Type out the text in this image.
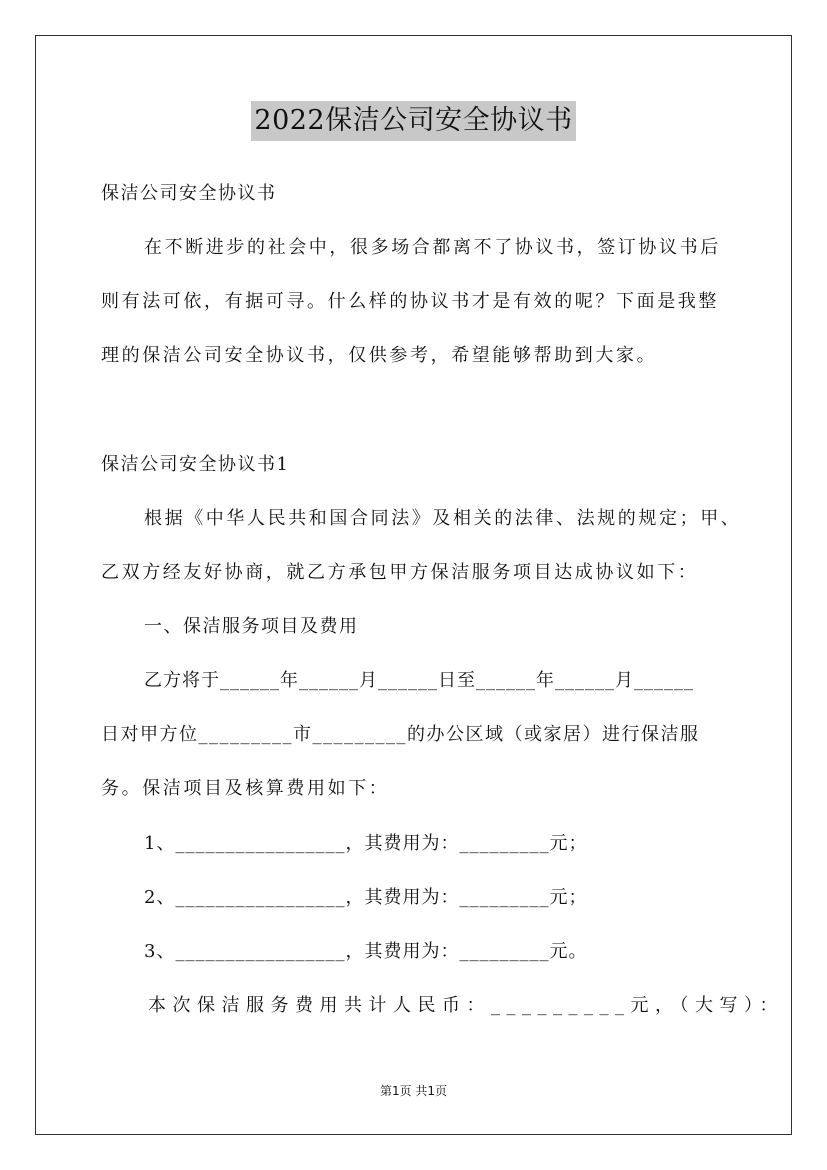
2022保洁公司安全协议书
保洁公司安全协议书
在不断进步的社会中，很多场合都离不了协议书，签订协议书后
则有法可依，有据可寻。什么样的协议书才是有效的呢？下面是我整
理的保洁公司安全协议书，仅供参考，希望能够帮助到大家。
保洁公司安全协议书1
根据《中华人民共和国合同法》及相关的法律、法规的规定；甲、
乙双方经友好协商，就乙方承包甲方保洁服务项目达成协议如下：
一、保洁服务项目及费用
乙方将于______年______月______日至______年______月______
日对甲方位_________市_________的办公区域（或家居）进行保洁服
务。保洁项目及核算费用如下：
1、_________________，其费用为：_________元；
2、_________________，其费用为：_________元；
3、_________________，其费用为：_________元。
本次保洁服务费用共计人民币：_________元，（大写）：
第1页 共1页
